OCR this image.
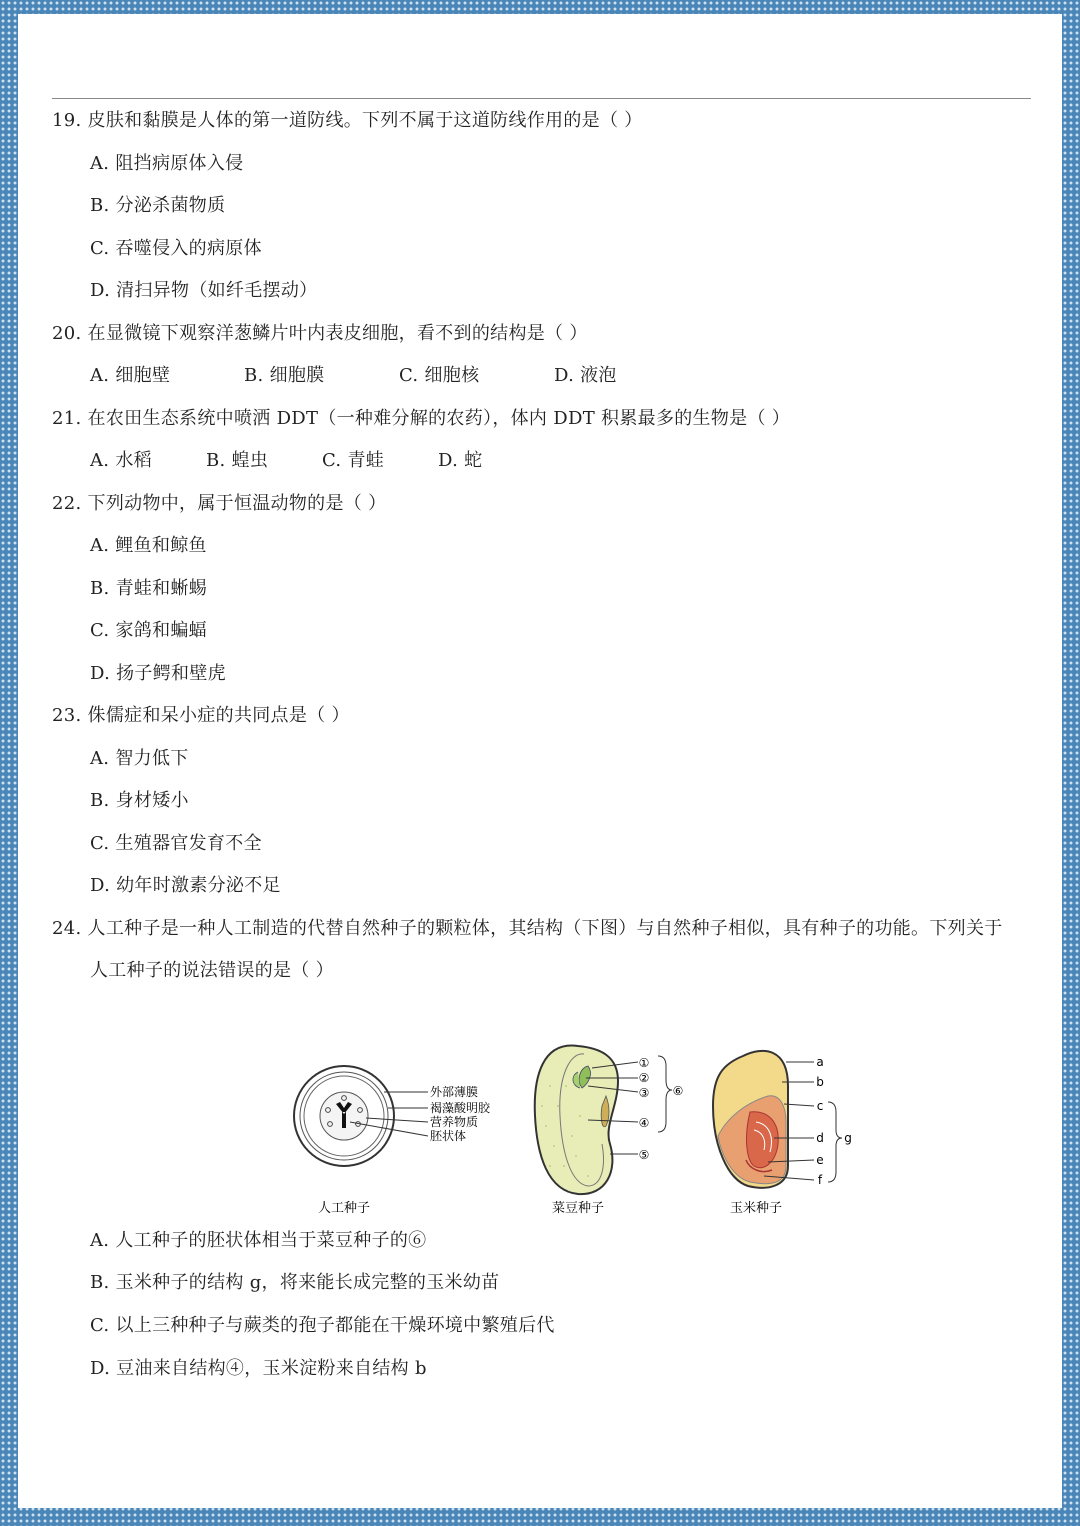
19. 皮肤和黏膜是人体的第一道防线。下列不属于这道防线作用的是（ ）
A. 阻挡病原体入侵
B. 分泌杀菌物质
C. 吞噬侵入的病原体
D. 清扫异物（如纤毛摆动）
20. 在显微镜下观察洋葱鳞片叶内表皮细胞，看不到的结构是（ ）
A. 细胞壁	B. 细胞膜	C. 细胞核	D. 液泡
21. 在农田生态系统中喷洒 DDT（一种难分解的农药），体内 DDT 积累最多的生物是（ ）
A. 水稻	B. 蝗虫	C. 青蛙	D. 蛇
22. 下列动物中，属于恒温动物的是（ ）
A. 鲤鱼和鲸鱼
B. 青蛙和蜥蜴
C. 家鸽和蝙蝠
D. 扬子鳄和壁虎
23. 侏儒症和呆小症的共同点是（ ）
A. 智力低下
B. 身材矮小
C. 生殖器官发育不全
D. 幼年时激素分泌不足
24. 人工种子是一种人工制造的代替自然种子的颗粒体，其结构（下图）与自然种子相似，具有种子的功能。下列关于
人工种子的说法错误的是（ ）
外部薄膜
褐藻酸明胶
营养物质
胚状体
人工种子
①
②
③
④
⑤
⑥
菜豆种子
a
b
c
d
e
f
g
玉米种子
A. 人工种子的胚状体相当于菜豆种子的⑥
B. 玉米种子的结构 g，将来能长成完整的玉米幼苗
C. 以上三种种子与蕨类的孢子都能在干燥环境中繁殖后代
D. 豆油来自结构④，玉米淀粉来自结构 b
